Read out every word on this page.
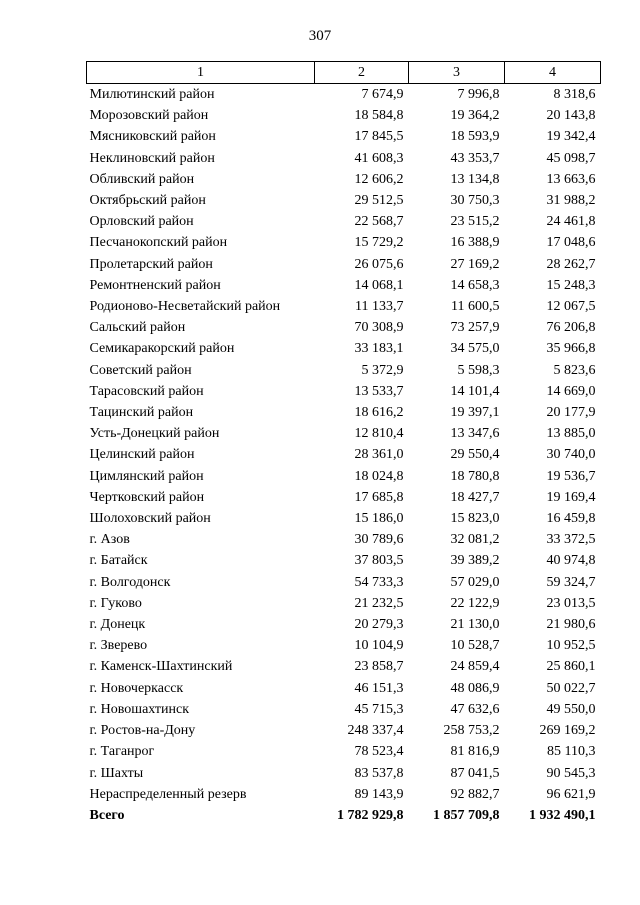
307
1	2	3	4
Милютинский район	7 674,9	7 996,8	8 318,6
Морозовский район	18 584,8	19 364,2	20 143,8
Мясниковский район	17 845,5	18 593,9	19 342,4
Неклиновский район	41 608,3	43 353,7	45 098,7
Обливский район	12 606,2	13 134,8	13 663,6
Октябрьский район	29 512,5	30 750,3	31 988,2
Орловский район	22 568,7	23 515,2	24 461,8
Песчанокопский район	15 729,2	16 388,9	17 048,6
Пролетарский район	26 075,6	27 169,2	28 262,7
Ремонтненский район	14 068,1	14 658,3	15 248,3
Родионово-Несветайский район	11 133,7	11 600,5	12 067,5
Сальский район	70 308,9	73 257,9	76 206,8
Семикаракорский район	33 183,1	34 575,0	35 966,8
Советский район	5 372,9	5 598,3	5 823,6
Тарасовский район	13 533,7	14 101,4	14 669,0
Тацинский район	18 616,2	19 397,1	20 177,9
Усть-Донецкий район	12 810,4	13 347,6	13 885,0
Целинский район	28 361,0	29 550,4	30 740,0
Цимлянский район	18 024,8	18 780,8	19 536,7
Чертковский район	17 685,8	18 427,7	19 169,4
Шолоховский район	15 186,0	15 823,0	16 459,8
г. Азов	30 789,6	32 081,2	33 372,5
г. Батайск	37 803,5	39 389,2	40 974,8
г. Волгодонск	54 733,3	57 029,0	59 324,7
г. Гуково	21 232,5	22 122,9	23 013,5
г. Донецк	20 279,3	21 130,0	21 980,6
г. Зверево	10 104,9	10 528,7	10 952,5
г. Каменск-Шахтинский	23 858,7	24 859,4	25 860,1
г. Новочеркасск	46 151,3	48 086,9	50 022,7
г. Новошахтинск	45 715,3	47 632,6	49 550,0
г. Ростов-на-Дону	248 337,4	258 753,2	269 169,2
г. Таганрог	78 523,4	81 816,9	85 110,3
г. Шахты	83 537,8	87 041,5	90 545,3
Нераспределенный резерв	89 143,9	92 882,7	96 621,9
Всего	1 782 929,8	1 857 709,8	1 932 490,1
